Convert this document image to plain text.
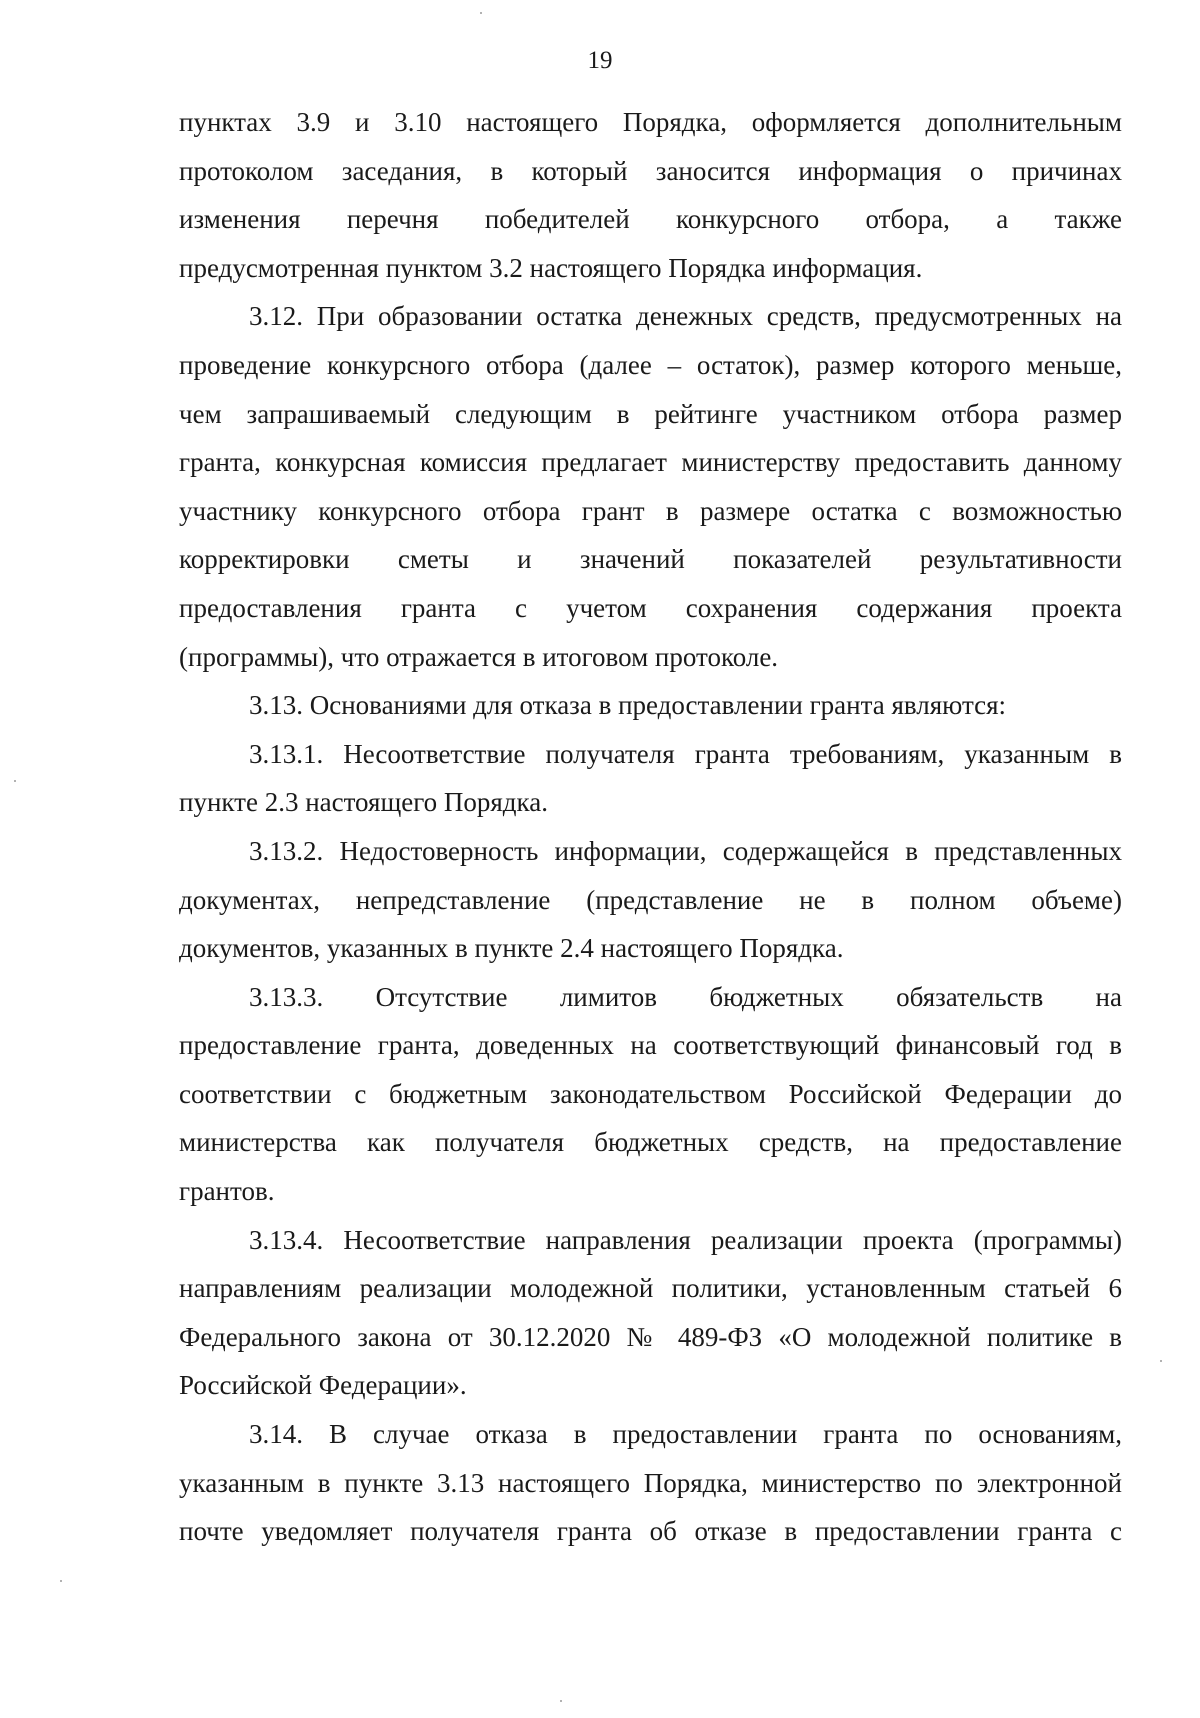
19

пунктах 3.9 и 3.10 настоящего Порядка, оформляется дополнительным
протоколом заседания, в который заносится информация о причинах
изменения перечня победителей конкурсного отбора, а также
предусмотренная пунктом 3.2 настоящего Порядка информация.

3.12. При образовании остатка денежных средств, предусмотренных на
проведение конкурсного отбора (далее – остаток), размер которого меньше,
чем запрашиваемый следующим в рейтинге участником отбора размер
гранта, конкурсная комиссия предлагает министерству предоставить данному
участнику конкурсного отбора грант в размере остатка с возможностью
корректировки сметы и значений показателей результативности
предоставления гранта с учетом сохранения содержания проекта
(программы), что отражается в итоговом протоколе.

3.13. Основаниями для отказа в предоставлении гранта являются:

3.13.1. Несоответствие получателя гранта требованиям, указанным в
пункте 2.3 настоящего Порядка.

3.13.2. Недостоверность информации, содержащейся в представленных
документах, непредставление (представление не в полном объеме)
документов, указанных в пункте 2.4 настоящего Порядка.

3.13.3. Отсутствие лимитов бюджетных обязательств на
предоставление гранта, доведенных на соответствующий финансовый год в
соответствии с бюджетным законодательством Российской Федерации до
министерства как получателя бюджетных средств, на предоставление
грантов.

3.13.4. Несоответствие направления реализации проекта (программы)
направлениям реализации молодежной политики, установленным статьей 6
Федерального закона от 30.12.2020 № 489-ФЗ «О молодежной политике в
Российской Федерации».

3.14. В случае отказа в предоставлении гранта по основаниям,
указанным в пункте 3.13 настоящего Порядка, министерство по электронной
почте уведомляет получателя гранта об отказе в предоставлении гранта с
